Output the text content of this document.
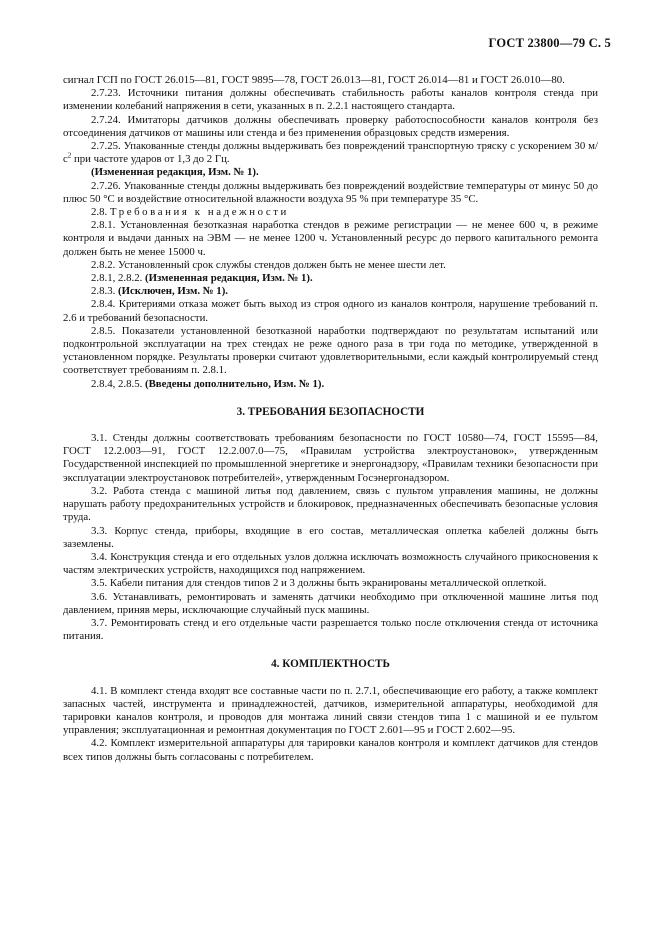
ГОСТ 23800—79 С. 5

сигнал ГСП по ГОСТ 26.015—81, ГОСТ 9895—78, ГОСТ 26.013—81, ГОСТ 26.014—81 и ГОСТ 26.010—80.

2.7.23. Источники питания должны обеспечивать стабильность работы каналов контроля стенда при изменении колебаний напряжения в сети, указанных в п. 2.2.1 настоящего стандарта.

2.7.24. Имитаторы датчиков должны обеспечивать проверку работоспособности каналов контроля без отсоединения датчиков от машины или стенда и без применения образцовых средств измерения.

2.7.25. Упакованные стенды должны выдерживать без повреждений транспортную тряску с ускорением 30 $м/с^2$ при частоте ударов от 1,3 до 2 Гц.

(Измененная редакция, Изм. № 1).

2.7.26. Упакованные стенды должны выдерживать без повреждений воздействие температуры от минус 50 до плюс 50 °С и воздействие относительной влажности воздуха 95 % при температуре 35 °С.

2.8. Требования к надежности

2.8.1. Установленная безотказная наработка стендов в режиме регистрации — не менее 600 ч, в режиме контроля и выдачи данных на ЭВМ — не менее 1200 ч. Установленный ресурс до первого капитального ремонта должен быть не менее 15000 ч.

2.8.2. Установленный срок службы стендов должен быть не менее шести лет.

2.8.1, 2.8.2. (Измененная редакция, Изм. № 1).

2.8.3. (Исключен, Изм. № 1).

2.8.4. Критериями отказа может быть выход из строя одного из каналов контроля, нарушение требований п. 2.6 и требований безопасности.

2.8.5. Показатели установленной безотказной наработки подтверждают по результатам испытаний или подконтрольной эксплуатации на трех стендах не реже одного раза в три года по методике, утвержденной в установленном порядке. Результаты проверки считают удовлетворительными, если каждый контролируемый стенд соответствует требованиям п. 2.8.1.

2.8.4, 2.8.5. (Введены дополнительно, Изм. № 1).

3. ТРЕБОВАНИЯ БЕЗОПАСНОСТИ

3.1. Стенды должны соответствовать требованиям безопасности по ГОСТ 10580—74, ГОСТ 15595—84, ГОСТ 12.2.003—91, ГОСТ 12.2.007.0—75, «Правилам устройства электроустановок», утвержденным Государственной инспекцией по промышленной энергетике и энергонадзору, «Правилам техники безопасности при эксплуатации электроустановок потребителей», утвержденным Госэнергонадзором.

3.2. Работа стенда с машиной литья под давлением, связь с пультом управления машины, не должны нарушать работу предохранительных устройств и блокировок, предназначенных обеспечивать безопасные условия труда.

3.3. Корпус стенда, приборы, входящие в его состав, металлическая оплетка кабелей должны быть заземлены.

3.4. Конструкция стенда и его отдельных узлов должна исключать возможность случайного прикосновения к частям электрических устройств, находящихся под напряжением.

3.5. Кабели питания для стендов типов 2 и 3 должны быть экранированы металлической оплеткой.

3.6. Устанавливать, ремонтировать и заменять датчики необходимо при отключенной машине литья под давлением, приняв меры, исключающие случайный пуск машины.

3.7. Ремонтировать стенд и его отдельные части разрешается только после отключения стенда от источника питания.

4. КОМПЛЕКТНОСТЬ

4.1. В комплект стенда входят все составные части по п. 2.7.1, обеспечивающие его работу, а также комплект запасных частей, инструмента и принадлежностей, датчиков, измерительной аппаратуры, необходимой для тарировки каналов контроля, и проводов для монтажа линий связи стендов типа 1 с машиной и ее пультом управления; эксплуатационная и ремонтная документация по ГОСТ 2.601—95 и ГОСТ 2.602—95.

4.2. Комплект измерительной аппаратуры для тарировки каналов контроля и комплект датчиков для стендов всех типов должны быть согласованы с потребителем.
